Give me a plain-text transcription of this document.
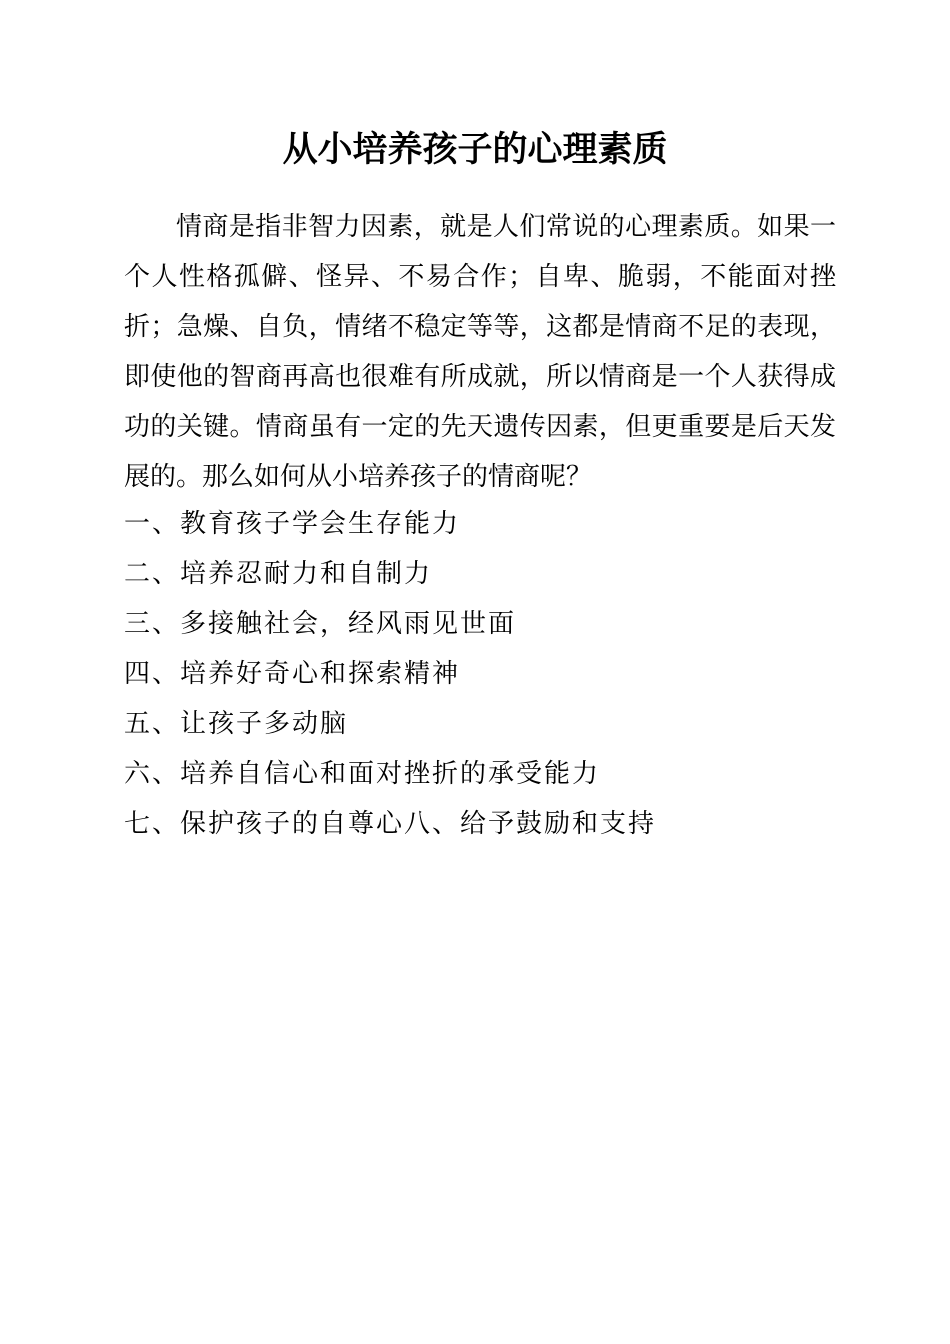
从小培养孩子的心理素质

情商是指非智力因素，就是人们常说的心理素质。如果一个人性格孤僻、怪异、不易合作；自卑、脆弱，不能面对挫折；急燥、自负，情绪不稳定等等，这都是情商不足的表现，即使他的智商再高也很难有所成就，所以情商是一个人获得成功的关键。情商虽有一定的先天遗传因素，但更重要是后天发展的。那么如何从小培养孩子的情商呢？

一、教育孩子学会生存能力
二、培养忍耐力和自制力
三、多接触社会，经风雨见世面
四、培养好奇心和探索精神
五、让孩子多动脑
六、培养自信心和面对挫折的承受能力
七、保护孩子的自尊心八、给予鼓励和支持
